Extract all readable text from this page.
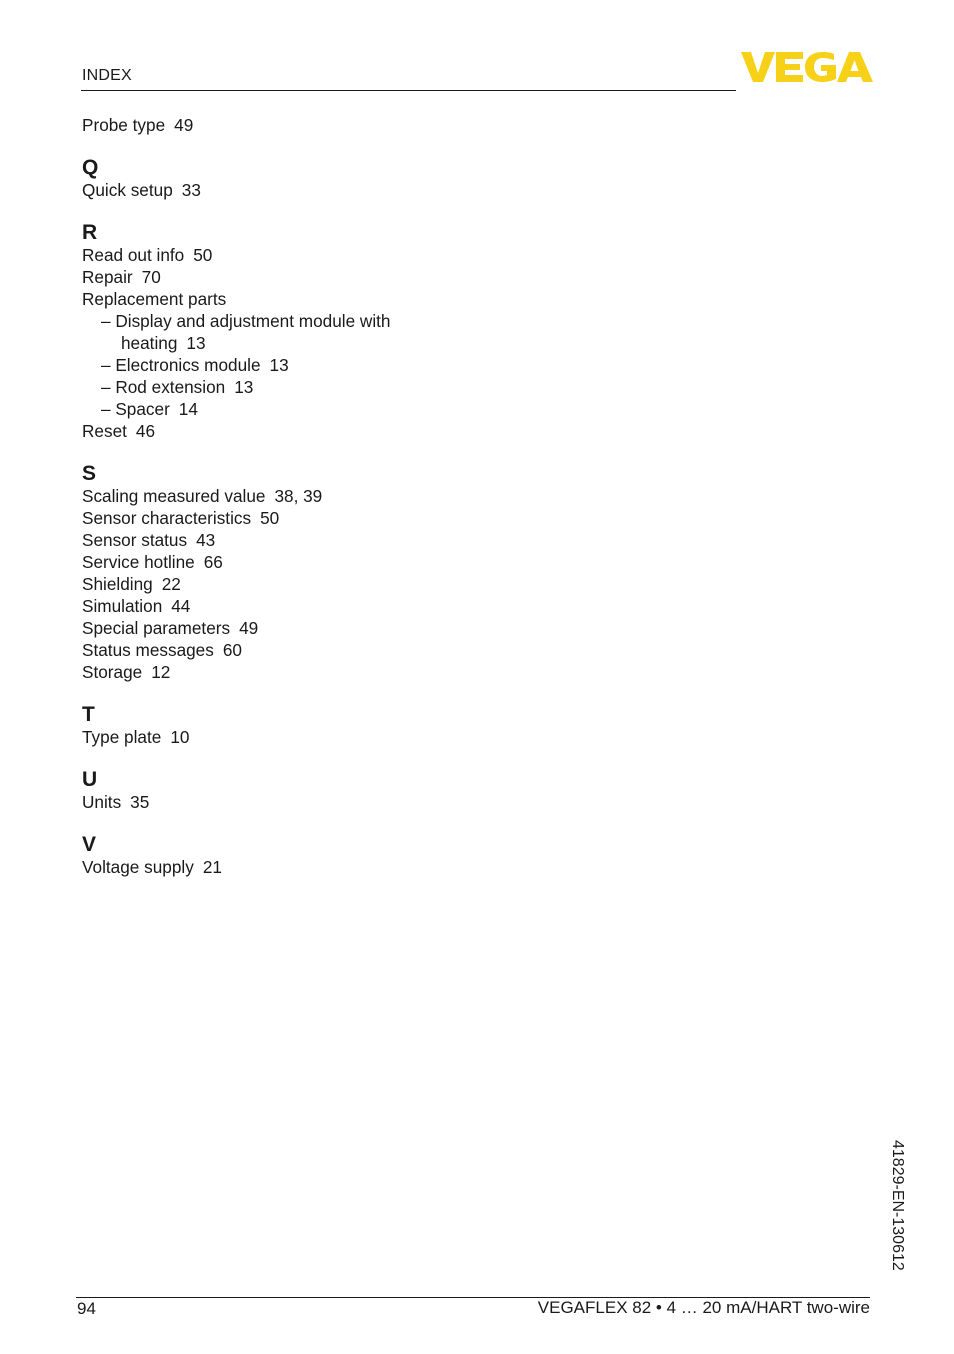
INDEX
Probe type 49
Q
Quick setup 33
R
Read out info 50
Repair 70
Replacement parts
– Display and adjustment module with
heating 13
– Electronics module 13
– Rod extension 13
– Spacer 14
Reset 46
S
Scaling measured value 38, 39
Sensor characteristics 50
Sensor status 43
Service hotline 66
Shielding 22
Simulation 44
Special parameters 49
Status messages 60
Storage 12
T
Type plate 10
U
Units 35
V
Voltage supply 21
41829-EN-130612
94	VEGAFLEX 82 • 4 … 20 mA/HART two-wire
